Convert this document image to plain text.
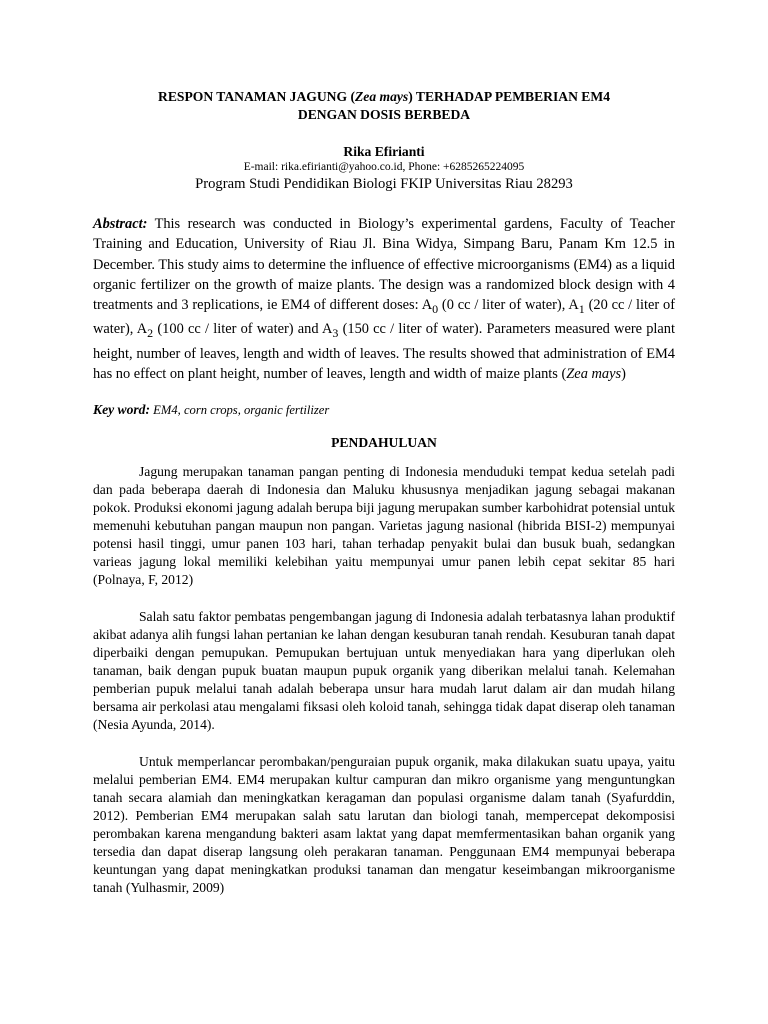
RESPON TANAMAN JAGUNG (Zea mays) TERHADAP PEMBERIAN EM4
DENGAN DOSIS BERBEDA

Rika Efirianti
E-mail: rika.efirianti@yahoo.co.id, Phone: +6285265224095
Program Studi Pendidikan Biologi FKIP Universitas Riau 28293

Abstract: This research was conducted in Biology’s experimental gardens, Faculty of Teacher Training and Education, University of Riau Jl. Bina Widya, Simpang Baru, Panam Km 12.5 in December. This study aims to determine the influence of effective microorganisms (EM4) as a liquid organic fertilizer on the growth of maize plants. The design was a randomized block design with 4 treatments and 3 replications, ie EM4 of different doses: $A_0$ (0 cc / liter of water), $A_1$ (20 cc / liter of water), $A_2$ (100 cc / liter of water) and $A_3$ (150 cc / liter of water). Parameters measured were plant height, number of leaves, length and width of leaves. The results showed that administration of EM4 has no effect on plant height, number of leaves, length and width of maize plants (Zea mays)

Key word: EM4, corn crops, organic fertilizer

PENDAHULUAN

Jagung merupakan tanaman pangan penting di Indonesia menduduki tempat kedua setelah padi dan pada beberapa daerah di Indonesia dan Maluku khususnya menjadikan jagung sebagai makanan pokok. Produksi ekonomi jagung adalah berupa biji jagung merupakan sumber karbohidrat potensial untuk memenuhi kebutuhan pangan maupun non pangan. Varietas jagung nasional (hibrida BISI-2) mempunyai potensi hasil tinggi, umur panen 103 hari, tahan terhadap penyakit bulai dan busuk buah, sedangkan varieas jagung lokal memiliki kelebihan yaitu mempunyai umur panen lebih cepat sekitar 85 hari (Polnaya, F, 2012)

Salah satu faktor pembatas pengembangan jagung di Indonesia adalah terbatasnya lahan produktif akibat adanya alih fungsi lahan pertanian ke lahan dengan kesuburan tanah rendah. Kesuburan tanah dapat diperbaiki dengan pemupukan. Pemupukan bertujuan untuk menyediakan hara yang diperlukan oleh tanaman, baik dengan pupuk buatan maupun pupuk organik yang diberikan melalui tanah. Kelemahan pemberian pupuk melalui tanah adalah beberapa unsur hara mudah larut dalam air dan mudah hilang bersama air perkolasi atau mengalami fiksasi oleh koloid tanah, sehingga tidak dapat diserap oleh tanaman (Nesia Ayunda, 2014).

Untuk memperlancar perombakan/penguraian pupuk organik, maka dilakukan suatu upaya, yaitu melalui pemberian EM4. EM4 merupakan kultur campuran dan mikro organisme yang menguntungkan tanah secara alamiah dan meningkatkan keragaman dan populasi organisme dalam tanah (Syafurddin, 2012). Pemberian EM4 merupakan salah satu larutan dan biologi tanah, mempercepat dekomposisi perombakan karena mengandung bakteri asam laktat yang dapat memfermentasikan bahan organik yang tersedia dan dapat diserap langsung oleh perakaran tanaman. Penggunaan EM4 mempunyai beberapa keuntungan yang dapat meningkatkan produksi tanaman dan mengatur keseimbangan mikroorganisme tanah (Yulhasmir, 2009)
